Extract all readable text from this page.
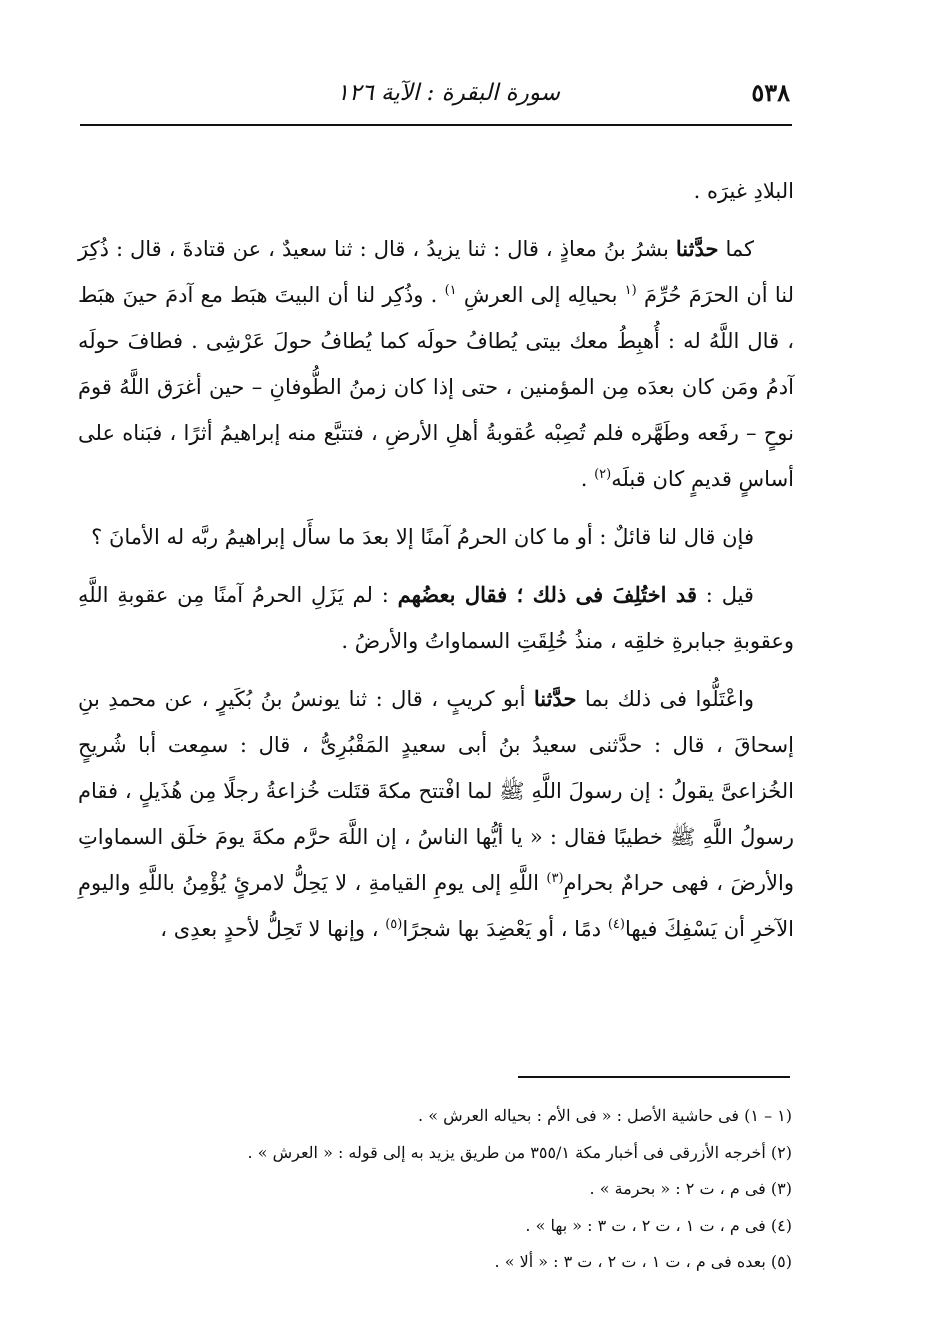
٥٣٨
سورة البقرة : الآية ١٢٦

البلادِ غيرَه .

كما حدَّثنا بشرُ بنُ معاذٍ ، قال : ثنا يزيدُ ، قال : ثنا سعيدٌ ، عن قتادةَ ، قال : ذُكِرَ لنا أن الحرَمَ حُرِّمَ $^{(١}$ بحيالِه إلى العرشِ $^{١)}$ . وذُكِر لنا أن البيتَ هبَط مع آدمَ حينَ هبَط ، قال اللَّهُ له : أُهبِطُ معك بيتى يُطافُ حولَه كما يُطافُ حولَ عَرْشِى . فطافَ حولَه آدمُ ومَن كان بعدَه مِن المؤمنين ، حتى إذا كان زمنُ الطُّوفانِ – حين أغرَق اللَّهُ قومَ نوحٍ – رفَعه وطَهَّره فلم تُصِبْه عُقوبةُ أهلِ الأرضِ ، فتتبَّع منه إبراهيمُ أثرًا ، فبَناه على أساسٍ قديمٍ كان قبلَه$^{(٢)}$ .

فإن قال لنا قائلٌ : أو ما كان الحرمُ آمنًا إلا بعدَ ما سأَل إبراهيمُ ربَّه له الأمانَ ؟

قيل : قد اختُلِفَ فى ذلك ؛ فقال بعضُهم : لم يَزَلِ الحرمُ آمنًا مِن عقوبةِ اللَّهِ وعقوبةِ جبابرةِ خلقِه ، منذُ خُلِقَتِ السماواتُ والأرضُ .

واعْتَلُّوا فى ذلك بما حدَّثنا أبو كريبٍ ، قال : ثنا يونسُ بنُ بُكَيرٍ ، عن محمدِ بنِ إسحاقَ ، قال : حدَّثنى سعيدُ بنُ أبى سعيدٍ المَقْبُرِىُّ ، قال : سمِعت أبا شُريحٍ الخُزاعىَّ يقولُ : إن رسولَ اللَّهِ ﷺ لما افْتتح مكةَ قتَلت خُزاعةُ رجلًا مِن هُذَيلٍ ، فقام رسولُ اللَّهِ ﷺ خطيبًا فقال : « يا أيُّها الناسُ ، إن اللَّهَ حرَّم مكةَ يومَ خلَق السماواتِ والأرضَ ، فهى حرامٌ بحرامِ$^{(٣)}$ اللَّهِ إلى يومِ القيامةِ ، لا يَحِلُّ لامرئٍ يُؤْمِنُ باللَّهِ واليومِ الآخرِ أن يَسْفِكَ فيها$^{(٤)}$ دمًا ، أو يَعْضِدَ بها شجرًا$^{(٥)}$ ، وإنها لا تَحِلُّ لأحدٍ بعدِى ،

(١ – ١) فى حاشية الأصل : « فى الأم : بحياله العرش » .
(٢) أخرجه الأزرقى فى أخبار مكة ٣٥٥/١ من طريق يزيد به إلى قوله : « العرش » .
(٣) فى م ، ت ٢ : « بحرمة » .
(٤) فى م ، ت ١ ، ت ٢ ، ت ٣ : « بها » .
(٥) بعده فى م ، ت ١ ، ت ٢ ، ت ٣ : « ألا » .
